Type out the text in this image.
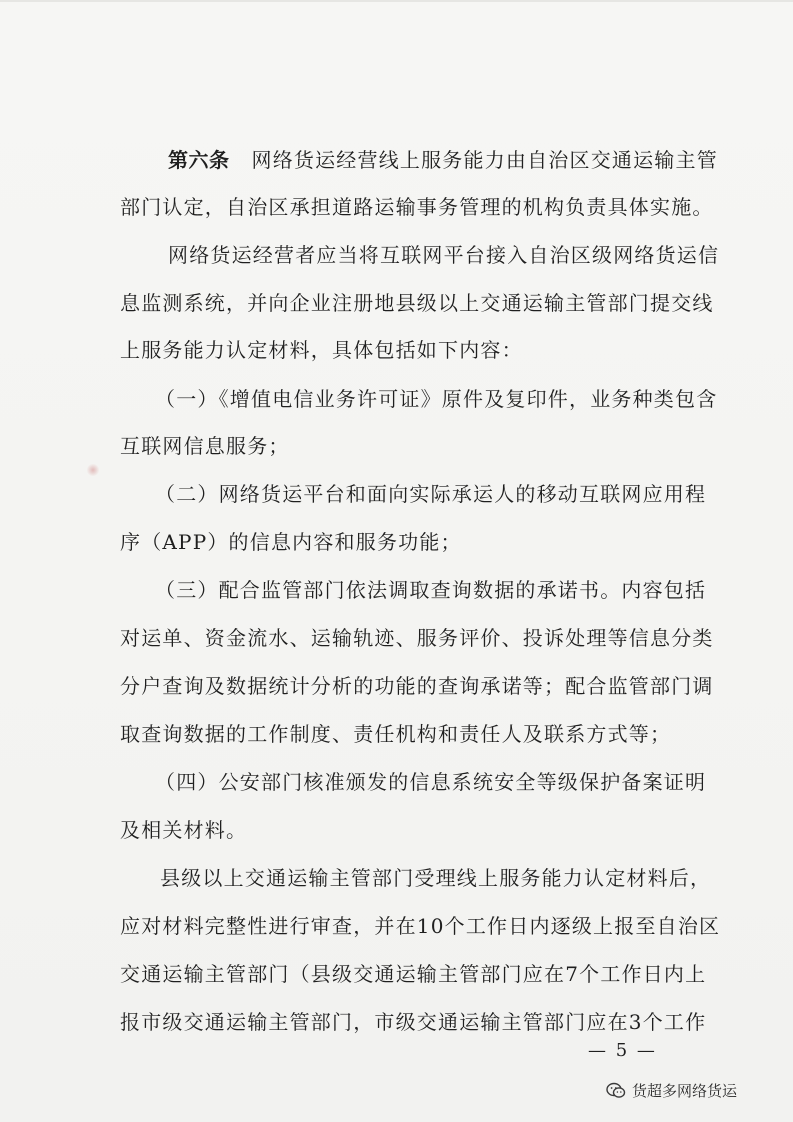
第六条 网络货运经营线上服务能力由自治区交通运输主管
部门认定，自治区承担道路运输事务管理的机构负责具体实施。
网络货运经营者应当将互联网平台接入自治区级网络货运信
息监测系统，并向企业注册地县级以上交通运输主管部门提交线
上服务能力认定材料，具体包括如下内容：
（一）《增值电信业务许可证》原件及复印件，业务种类包含
互联网信息服务；
（二）网络货运平台和面向实际承运人的移动互联网应用程
序（APP）的信息内容和服务功能；
（三）配合监管部门依法调取查询数据的承诺书。内容包括
对运单、资金流水、运输轨迹、服务评价、投诉处理等信息分类
分户查询及数据统计分析的功能的查询承诺等；配合监管部门调
取查询数据的工作制度、责任机构和责任人及联系方式等；
（四）公安部门核准颁发的信息系统安全等级保护备案证明
及相关材料。
县级以上交通运输主管部门受理线上服务能力认定材料后，
应对材料完整性进行审查，并在10个工作日内逐级上报至自治区
交通运输主管部门（县级交通运输主管部门应在7个工作日内上
报市级交通运输主管部门，市级交通运输主管部门应在3个工作
— 5 —
货超多网络货运
